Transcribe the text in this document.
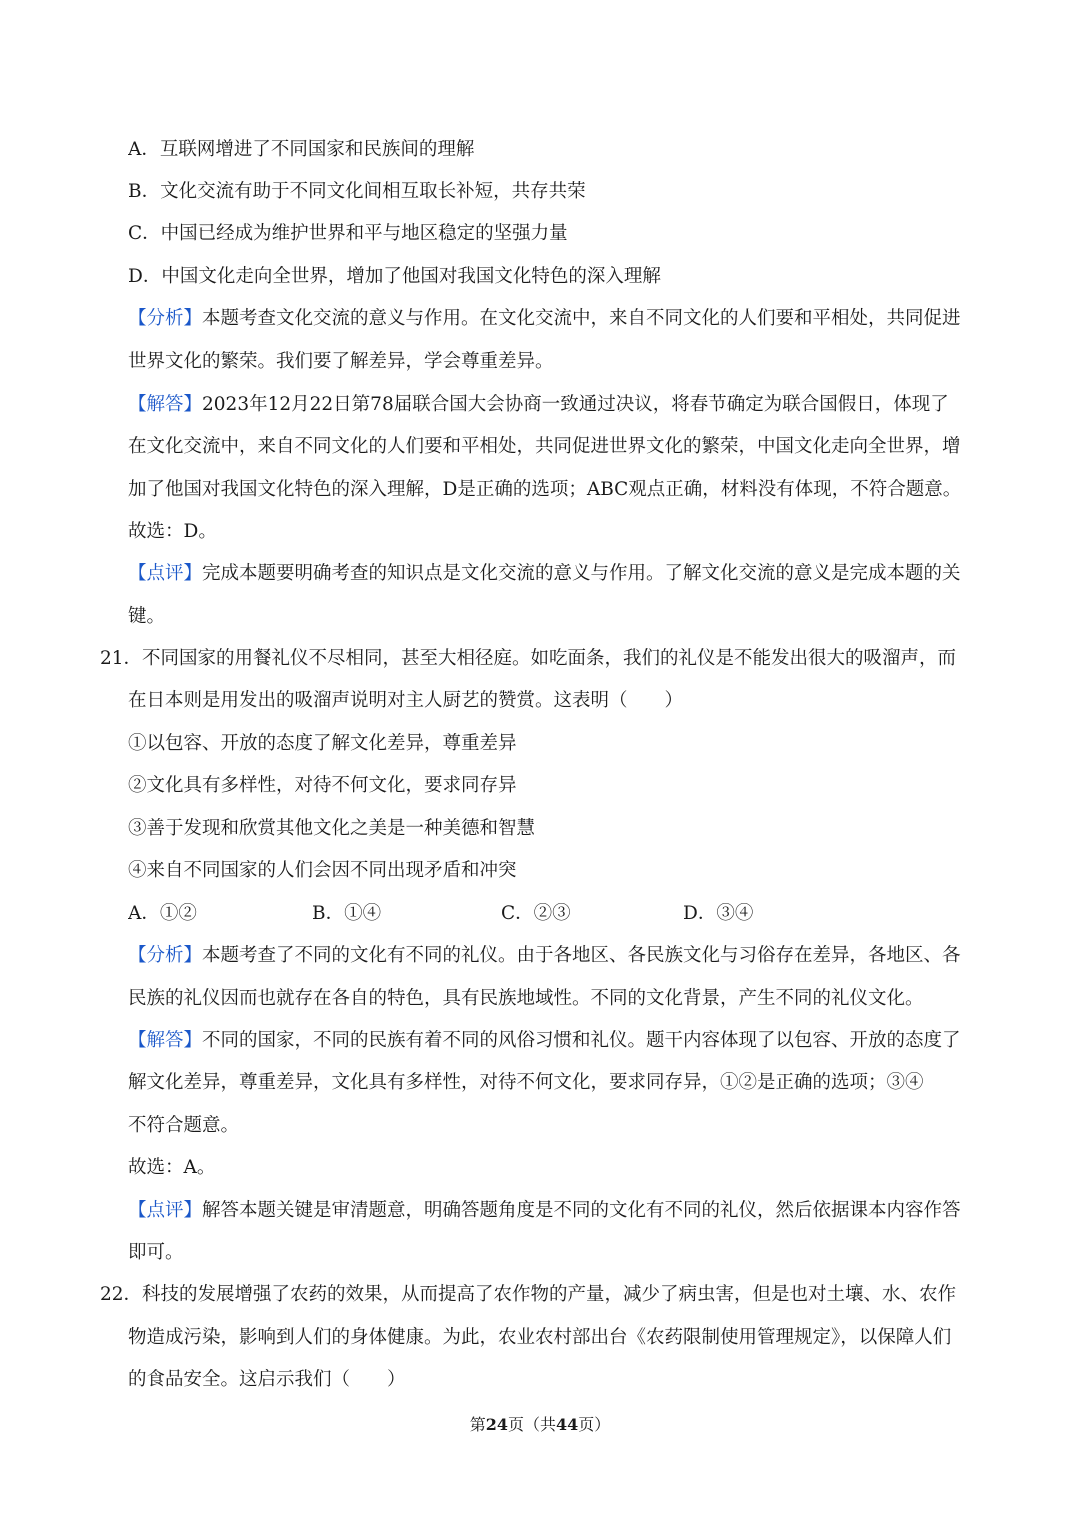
A．互联网增进了不同国家和民族间的理解
B．文化交流有助于不同文化间相互取长补短，共存共荣
C．中国已经成为维护世界和平与地区稳定的坚强力量
D．中国文化走向全世界，增加了他国对我国文化特色的深入理解
【分析】本题考查文化交流的意义与作用。在文化交流中，来自不同文化的人们要和平相处，共同促进
世界文化的繁荣。我们要了解差异，学会尊重差异。
【解答】2023年12月22日第78届联合国大会协商一致通过决议，将春节确定为联合国假日，体现了
在文化交流中，来自不同文化的人们要和平相处，共同促进世界文化的繁荣，中国文化走向全世界，增
加了他国对我国文化特色的深入理解，D是正确的选项；ABC观点正确，材料没有体现，不符合题意。
故选：D。
【点评】完成本题要明确考查的知识点是文化交流的意义与作用。了解文化交流的意义是完成本题的关
键。
21．不同国家的用餐礼仪不尽相同，甚至大相径庭。如吃面条，我们的礼仪是不能发出很大的吸溜声，而
在日本则是用发出的吸溜声说明对主人厨艺的赞赏。这表明（　　）
①以包容、开放的态度了解文化差异，尊重差异
②文化具有多样性，对待不何文化，要求同存异
③善于发现和欣赏其他文化之美是一种美德和智慧
④来自不同国家的人们会因不同出现矛盾和冲突
A．①②	B．①④	C．②③	D．③④
【分析】本题考查了不同的文化有不同的礼仪。由于各地区、各民族文化与习俗存在差异，各地区、各
民族的礼仪因而也就存在各自的特色，具有民族地域性。不同的文化背景，产生不同的礼仪文化。
【解答】不同的国家，不同的民族有着不同的风俗习惯和礼仪。题干内容体现了以包容、开放的态度了
解文化差异，尊重差异，文化具有多样性，对待不何文化，要求同存异，①②是正确的选项；③④
不符合题意。
故选：A。
【点评】解答本题关键是审清题意，明确答题角度是不同的文化有不同的礼仪，然后依据课本内容作答
即可。
22．科技的发展增强了农药的效果，从而提高了农作物的产量，减少了病虫害，但是也对土壤、水、农作
物造成污染，影响到人们的身体健康。为此，农业农村部出台《农药限制使用管理规定》，以保障人们
的食品安全。这启示我们（　　）
第24页（共44页）
